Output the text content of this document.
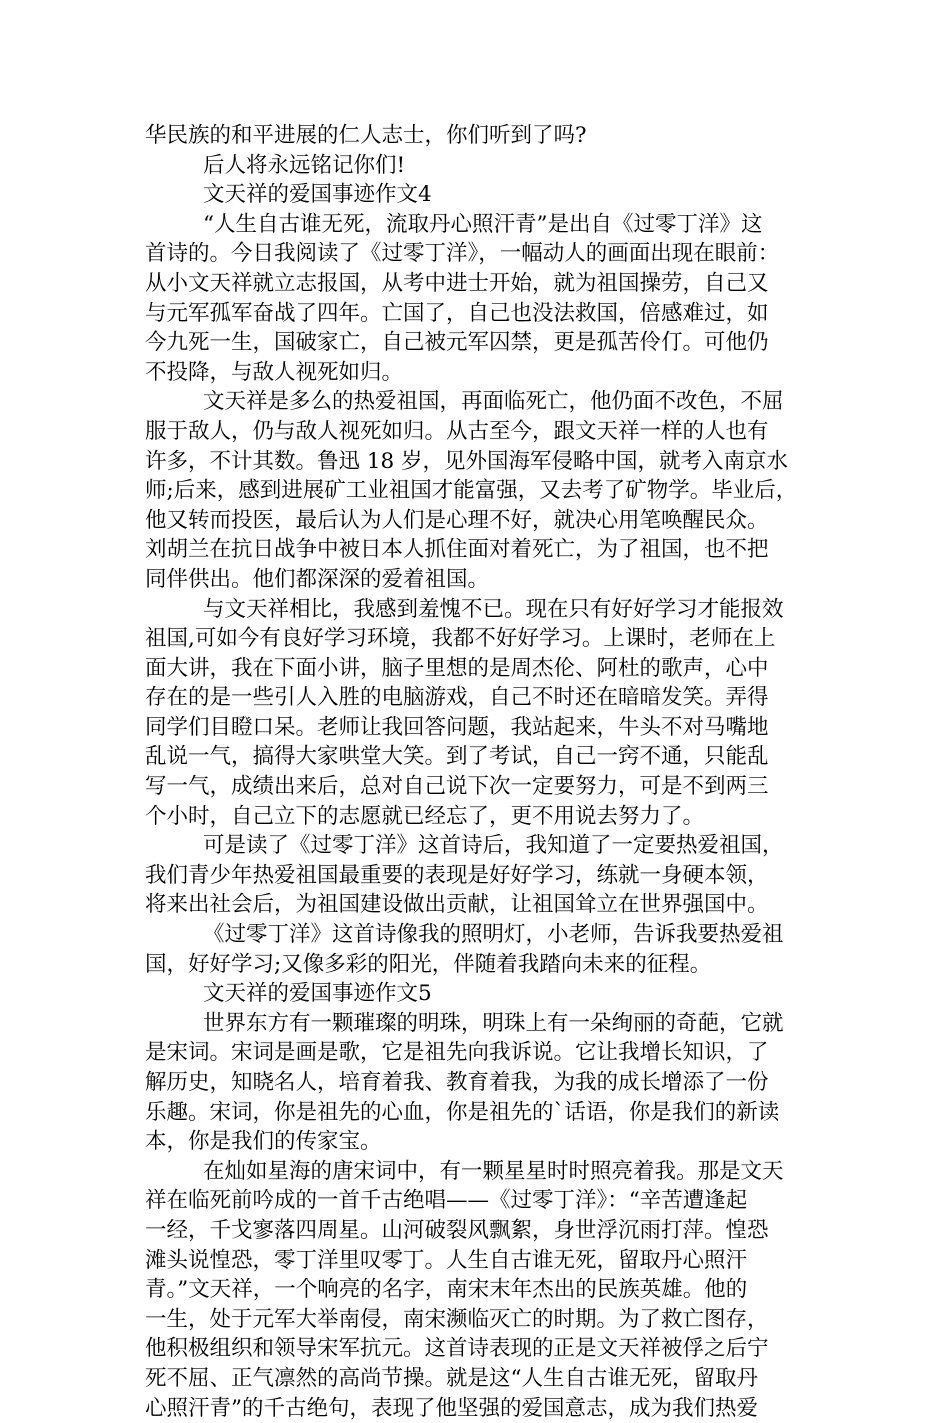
华民族的和平进展的仁人志士，你们听到了吗?
后人将永远铭记你们!
文天祥的爱国事迹作文4
“人生自古谁无死，流取丹心照汗青”是出自《过零丁洋》这
首诗的。今日我阅读了《过零丁洋》，一幅动人的画面出现在眼前：
从小文天祥就立志报国，从考中进士开始，就为祖国操劳，自己又
与元军孤军奋战了四年。亡国了，自己也没法救国，倍感难过，如
今九死一生，国破家亡，自己被元军囚禁，更是孤苦伶仃。可他仍
不投降，与敌人视死如归。
文天祥是多么的热爱祖国，再面临死亡，他仍面不改色，不屈
服于敌人，仍与敌人视死如归。从古至今，跟文天祥一样的人也有
许多，不计其数。鲁迅 18 岁，见外国海军侵略中国，就考入南京水
师;后来，感到进展矿工业祖国才能富强，又去考了矿物学。毕业后，
他又转而投医，最后认为人们是心理不好，就决心用笔唤醒民众。
刘胡兰在抗日战争中被日本人抓住面对着死亡，为了祖国，也不把
同伴供出。他们都深深的爱着祖国。
与文天祥相比，我感到羞愧不已。现在只有好好学习才能报效
祖国,可如今有良好学习环境，我都不好好学习。上课时，老师在上
面大讲，我在下面小讲，脑子里想的是周杰伦、阿杜的歌声，心中
存在的是一些引人入胜的电脑游戏，自己不时还在暗暗发笑。弄得
同学们目瞪口呆。老师让我回答问题，我站起来，牛头不对马嘴地
乱说一气，搞得大家哄堂大笑。到了考试，自己一窍不通，只能乱
写一气，成绩出来后，总对自己说下次一定要努力，可是不到两三
个小时，自己立下的志愿就已经忘了，更不用说去努力了。
可是读了《过零丁洋》这首诗后，我知道了一定要热爱祖国，
我们青少年热爱祖国最重要的表现是好好学习，练就一身硬本领，
将来出社会后，为祖国建设做出贡献，让祖国耸立在世界强国中。
《过零丁洋》这首诗像我的照明灯，小老师，告诉我要热爱祖
国，好好学习;又像多彩的阳光，伴随着我踏向未来的征程。
文天祥的爱国事迹作文5
世界东方有一颗璀璨的明珠，明珠上有一朵绚丽的奇葩，它就
是宋词。宋词是画是歌，它是祖先向我诉说。它让我增长知识，了
解历史，知晓名人，培育着我、教育着我，为我的成长增添了一份
乐趣。宋词，你是祖先的心血，你是祖先的`话语，你是我们的新读
本，你是我们的传家宝。
在灿如星海的唐宋词中，有一颗星星时时照亮着我。那是文天
祥在临死前吟成的一首千古绝唱——《过零丁洋》：“辛苦遭逢起
一经，千戈寥落四周星。山河破裂风飘絮，身世浮沉雨打萍。惶恐
滩头说惶恐，零丁洋里叹零丁。人生自古谁无死，留取丹心照汗
青。”文天祥，一个响亮的名字，南宋末年杰出的民族英雄。他的
一生，处于元军大举南侵，南宋濒临灭亡的时期。为了救亡图存，
他积极组织和领导宋军抗元。这首诗表现的正是文天祥被俘之后宁
死不屈、正气凛然的高尚节操。就是这“人生自古谁无死，留取丹
心照汗青”的千古绝句，表现了他坚强的爱国意志，成为我们热爱
